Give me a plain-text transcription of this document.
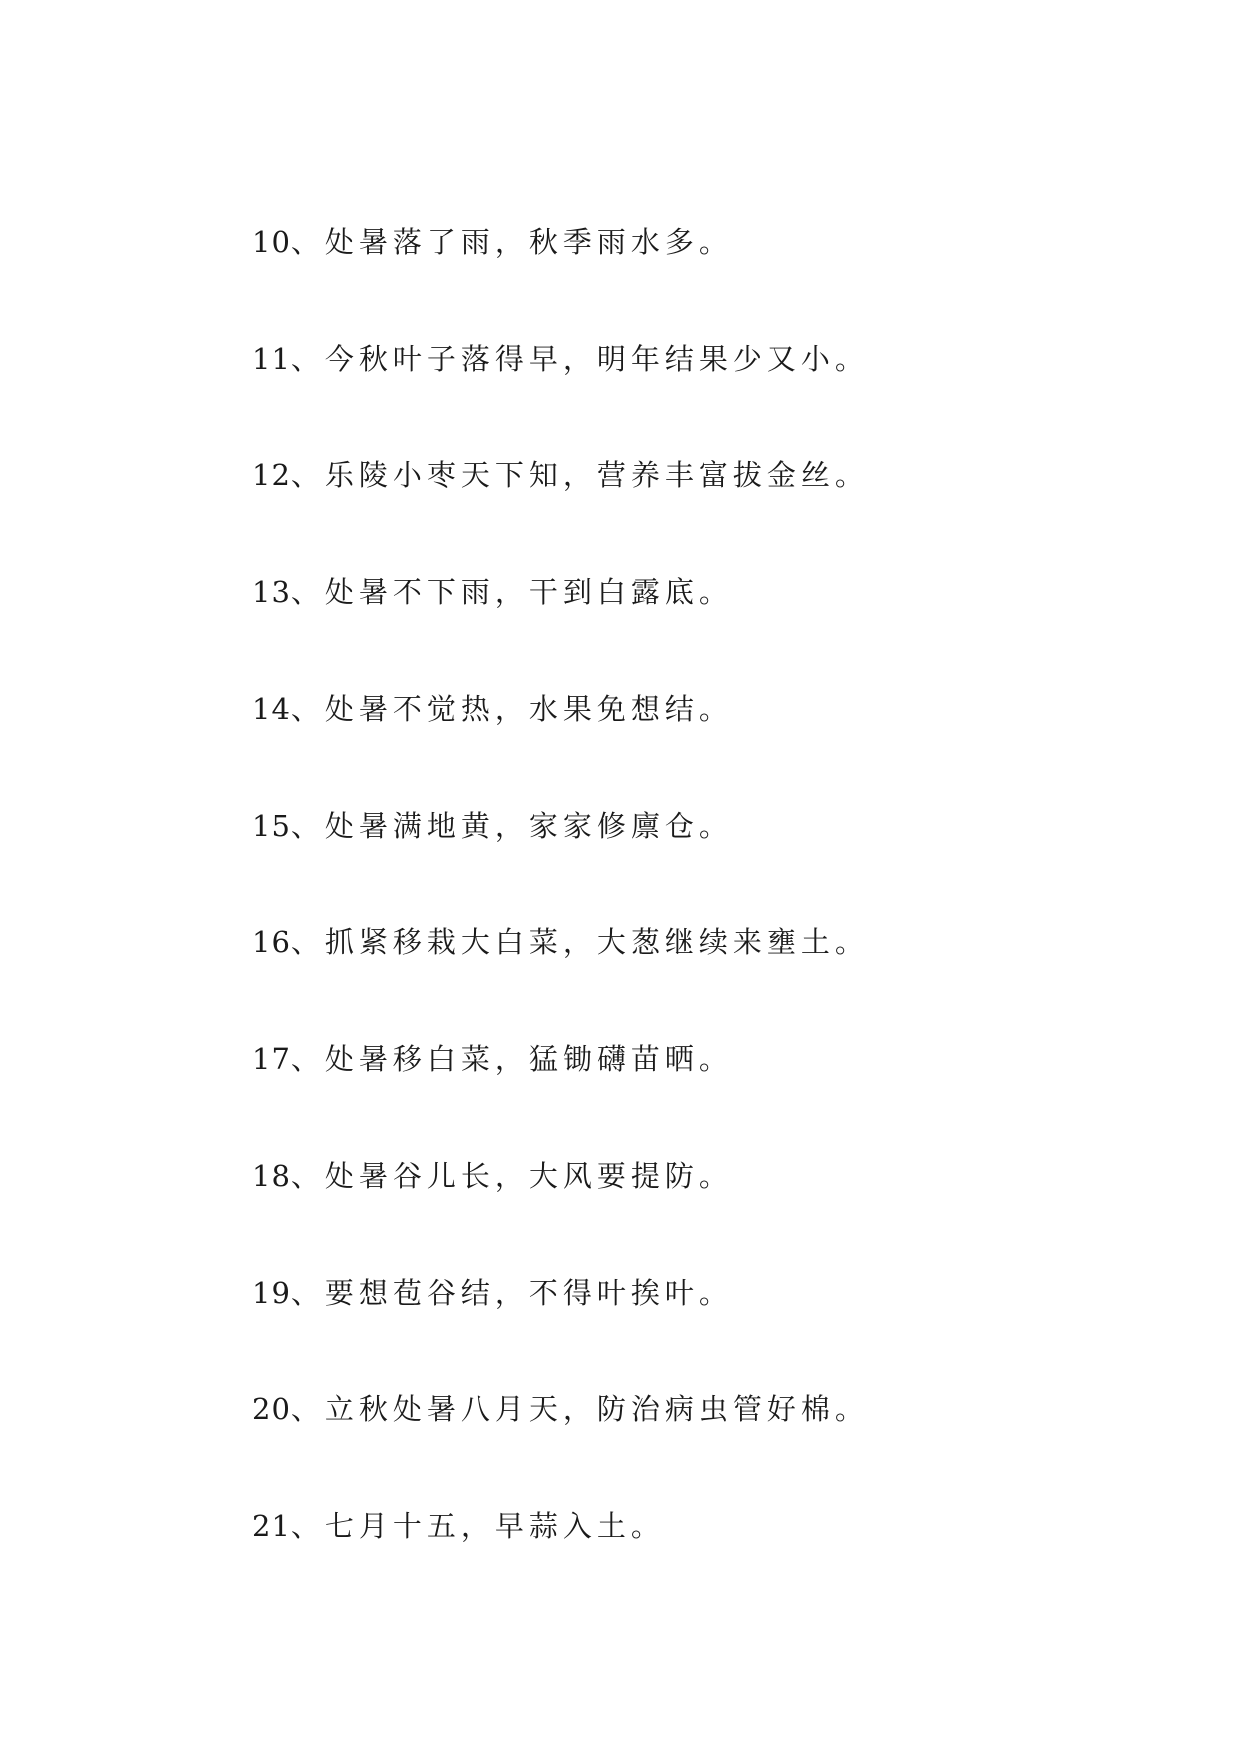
10、处暑落了雨，秋季雨水多。
11、今秋叶子落得早，明年结果少又小。
12、乐陵小枣天下知，营养丰富拔金丝。
13、处暑不下雨，干到白露底。
14、处暑不觉热，水果免想结。
15、处暑满地黄，家家修廪仓。
16、抓紧移栽大白菜，大葱继续来壅土。
17、处暑移白菜，猛锄礴苗晒。
18、处暑谷儿长，大风要提防。
19、要想苞谷结，不得叶挨叶。
20、立秋处暑八月天，防治病虫管好棉。
21、七月十五，早蒜入土。
